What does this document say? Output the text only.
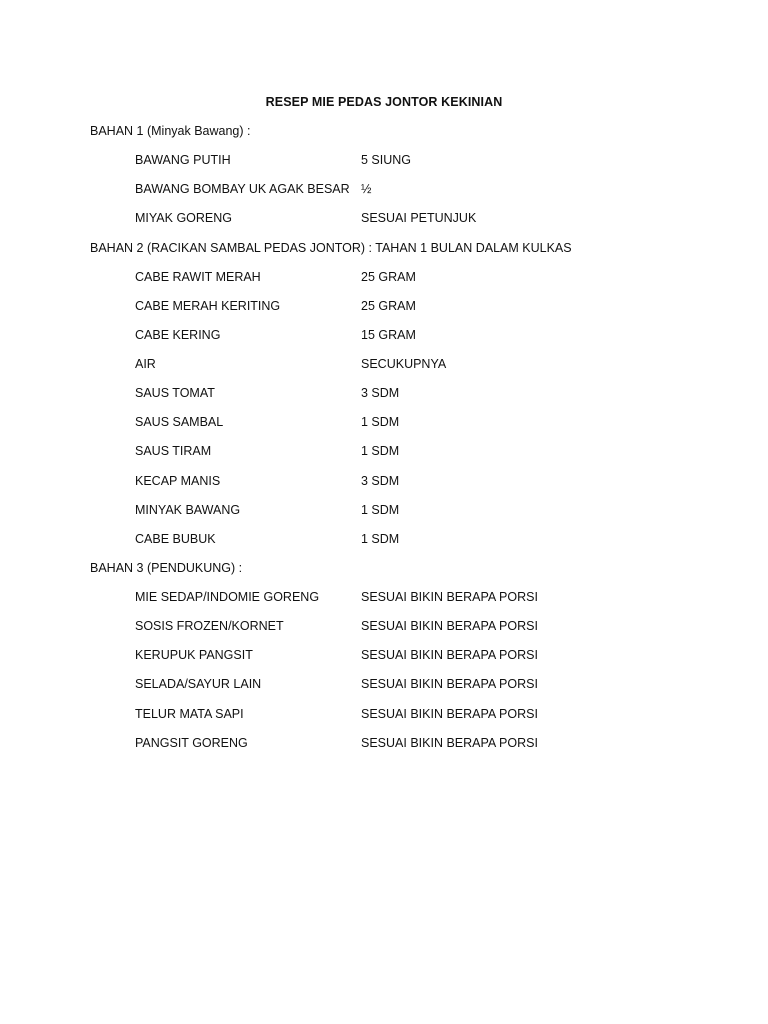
RESEP MIE PEDAS JONTOR KEKINIAN
BAHAN 1 (Minyak Bawang) :
BAWANG PUTIH	5 SIUNG
BAWANG BOMBAY UK AGAK BESAR ½
MIYAK GORENG	SESUAI PETUNJUK
BAHAN 2 (RACIKAN SAMBAL PEDAS JONTOR) : TAHAN 1 BULAN DALAM KULKAS
CABE RAWIT MERAH	25 GRAM
CABE MERAH KERITING	25 GRAM
CABE KERING	15 GRAM
AIR	SECUKUPNYA
SAUS TOMAT	3 SDM
SAUS SAMBAL	1 SDM
SAUS TIRAM	1 SDM
KECAP MANIS	3 SDM
MINYAK BAWANG	1 SDM
CABE BUBUK	1 SDM
BAHAN 3 (PENDUKUNG) :
MIE SEDAP/INDOMIE GORENG	SESUAI BIKIN BERAPA PORSI
SOSIS FROZEN/KORNET	SESUAI BIKIN BERAPA PORSI
KERUPUK PANGSIT	SESUAI BIKIN BERAPA PORSI
SELADA/SAYUR LAIN	SESUAI BIKIN BERAPA PORSI
TELUR MATA SAPI	SESUAI BIKIN BERAPA PORSI
PANGSIT GORENG	SESUAI BIKIN BERAPA PORSI
